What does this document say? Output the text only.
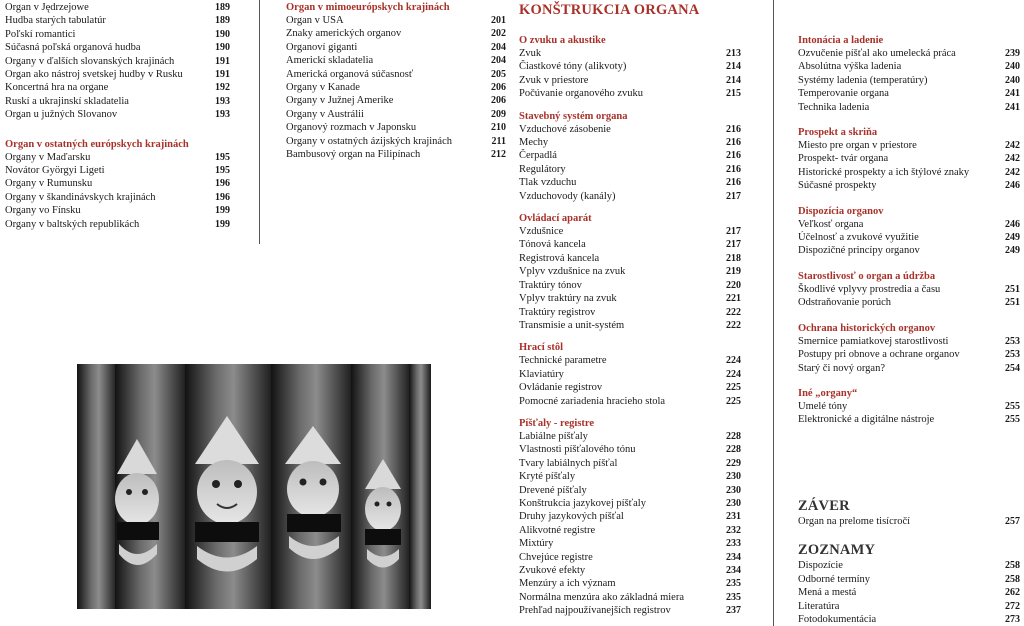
Organ v Jędrzejowe	189
Hudba starých tabulatúr	189
Poľskí romantici	190
Súčasná poľská organová hudba	190
Organy v ďalších slovanských krajinách	191
Organ ako nástroj svetskej hudby v Rusku	191
Koncertná hra na organe	192
Ruskí a ukrajinskí skladatelia	193
Organ u južných Slovanov	193
Organ v ostatných európskych krajinách
Organy v Maďarsku	195
Novátor Györgyi Ligeti	195
Organy v Rumunsku	196
Organy v škandinávskych krajinách	196
Organy vo Fínsku	199
Organy v baltských republikách	199
Organ v mimoeurópskych krajinách
Organ v USA	201
Znaky amerických organov	202
Organoví giganti	204
Americkí skladatelia	204
Americká organová súčasnosť	205
Organy v Kanade	206
Organy v Južnej Amerike	206
Organy v Austrálii	209
Organový rozmach v Japonsku	210
Organy v ostatných ázijských krajinách	211
Bambusový organ na Filipínach	212
KONŠTRUKCIA ORGANA
O zvuku a akustike
Zvuk	213
Čiastkové tóny (alikvoty)	214
Zvuk v priestore	214
Počúvanie organového zvuku	215
Stavebný systém organa
Vzduchové zásobenie	216
Mechy	216
Čerpadlá	216
Regulátory	216
Tlak vzduchu	216
Vzduchovody (kanály)	217
Ovládací aparát
Vzdušnice	217
Tónová kancela	217
Registrová kancela	218
Vplyv vzdušnice na zvuk	219
Traktúry tónov	220
Vplyv traktúry na zvuk	221
Traktúry registrov	222
Transmisie a unit-systém	222
Hrací stôl
Technické parametre	224
Klaviatúry	224
Ovládanie registrov	225
Pomocné zariadenia hracieho stola	225
Píšťaly - registre
Labiálne píšťaly	228
Vlastnosti píšťalového tónu	228
Tvary labiálnych píšťal	229
Kryté píšťaly	230
Drevené píšťaly	230
Konštrukcia jazykovej píšťaly	230
Druhy jazykových píšťal	231
Alikvotné registre	232
Mixtúry	233
Chvejúce registre	234
Zvukové efekty	234
Menzúry a ich význam	235
Normálna menzúra ako základná miera	235
Prehľad najpoužívanejších registrov	237
Intonácia a ladenie
Ozvučenie píšťal ako umelecká práca	239
Absolútna výška ladenia	240
Systémy ladenia (temperatúry)	240
Temperovanie organa	241
Technika ladenia	241
Prospekt a skriňa
Miesto pre organ v priestore	242
Prospekt- tvár organa	242
Historické prospekty a ich štýlové znaky	242
Súčasné prospekty	246
Dispozícia organov
Veľkosť organa	246
Účelnosť a zvukové využitie	249
Dispozičné princípy organov	249
Starostlivosť o organ a údržba
Škodlivé vplyvy prostredia a času	251
Odstraňovanie porúch	251
Ochrana historických organov
Smernice pamiatkovej starostlivosti	253
Postupy pri obnove a ochrane organov	253
Starý či nový organ?	254
Iné „organy“
Umelé tóny	255
Elektronické a digitálne nástroje	255
ZÁVER
Organ na prelome tisícročí	257
ZOZNAMY
Dispozície	258
Odborné termíny	258
Mená a mestá	262
Literatúra	272
Fotodokumentácia	273
